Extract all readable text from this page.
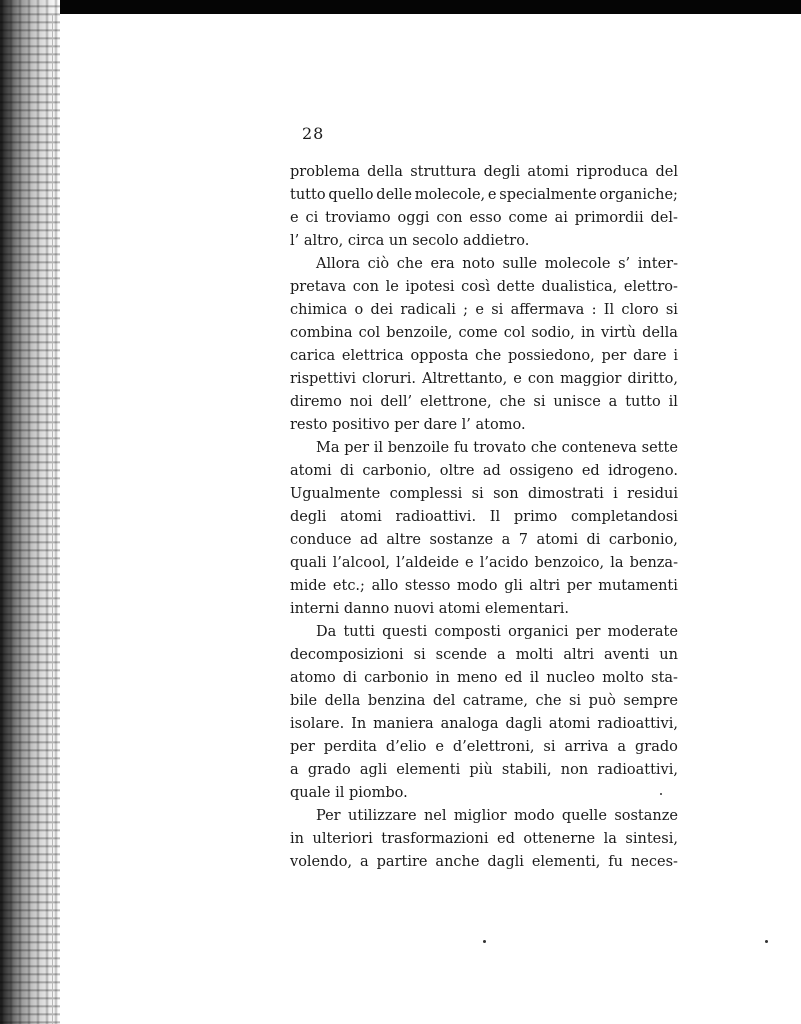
28
problema della struttura degli atomi riproduca del
tutto quello delle molecole, e specialmente organiche;
e ci troviamo oggi con esso come ai primordii del-
l’ altro, circa un secolo addietro.
Allora ciò che era noto sulle molecole s’ inter-
pretava con le ipotesi così dette dualistica, elettro-
chimica o dei radicali ; e si affermava : Il cloro si
combina col benzoile, come col sodio, in virtù della
carica elettrica opposta che possiedono, per dare i
rispettivi cloruri. Altrettanto, e con maggior diritto,
diremo noi dell’ elettrone, che si unisce a tutto il
resto positivo per dare l’ atomo.
Ma per il benzoile fu trovato che conteneva sette
atomi di carbonio, oltre ad ossigeno ed idrogeno.
Ugualmente complessi si son dimostrati i residui
degli atomi radioattivi. Il primo completandosi
conduce ad altre sostanze a 7 atomi di carbonio,
quali l’alcool, l’aldeide e l’acido benzoico, la benza-
mide etc.; allo stesso modo gli altri per mutamenti
interni danno nuovi atomi elementari.
Da tutti questi composti organici per moderate
decomposizioni si scende a molti altri aventi un
atomo di carbonio in meno ed il nucleo molto sta-
bile della benzina del catrame, che si può sempre
isolare. In maniera analoga dagli atomi radioattivi,
per perdita d’elio e d’elettroni, si arriva a grado
a grado agli elementi più stabili, non radioattivi,
quale il piombo.
Per utilizzare nel miglior modo quelle sostanze
in ulteriori trasformazioni ed ottenerne la sintesi,
volendo, a partire anche dagli elementi, fu neces-
